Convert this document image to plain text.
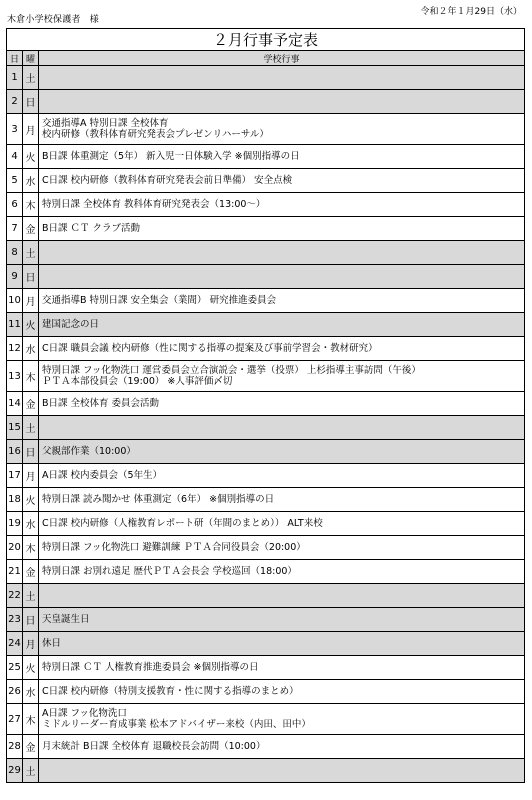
木倉小学校保護者　様
令和２年１月29日（水）
２月行事予定表		
日	曜	学校行事
1	土	
2	日	
3	月	交通指導A 特別日課 全校体育
校内研修（教科体育研究発表会プレゼンリハーサル）

4	火	B日課 体重測定（5年） 新入児一日体験入学 ※個別指導の日

5	水	C日課 校内研修（教科体育研究発表会前日準備） 安全点検

6	木	特別日課 全校体育 教科体育研究発表会（13:00～）

7	金	B日課 ＣＴ クラブ活動

8	土	
9	日	
10	月	交通指導B 特別日課 安全集会（業間） 研究推進委員会

11	火	建国記念の日

12	水	C日課 職員会議 校内研修（性に関する指導の提案及び事前学習会・教材研究）

13	木	特別日課 フッ化物洗口 運営委員会立合演説会・選挙（投票） 上杉指導主事訪問（午後）
ＰＴＡ本部役員会（19:00） ※人事評価〆切

14	金	B日課 全校体育 委員会活動

15	土	
16	日	父親部作業（10:00）

17	月	A日課 校内委員会（5年生）

18	火	特別日課 読み聞かせ 体重測定（6年） ※個別指導の日

19	水	C日課 校内研修（人権教育レポート研（年間のまとめ）） ALT来校

20	木	特別日課 フッ化物洗口 避難訓練 ＰＴＡ合同役員会（20:00）

21	金	特別日課 お別れ遠足 歴代ＰＴＡ会長会 学校巡回（18:00）

22	土	
23	日	天皇誕生日

24	月	休日

25	火	特別日課 ＣＴ 人権教育推進委員会 ※個別指導の日

26	水	C日課 校内研修（特別支援教育・性に関する指導のまとめ）

27	木	A日課 フッ化物洗口
ミドルリーダー育成事業 松本アドバイザー来校（内田、田中）

28	金	月末統計 B日課 全校体育 退職校長会訪問（10:00）

29	土	
